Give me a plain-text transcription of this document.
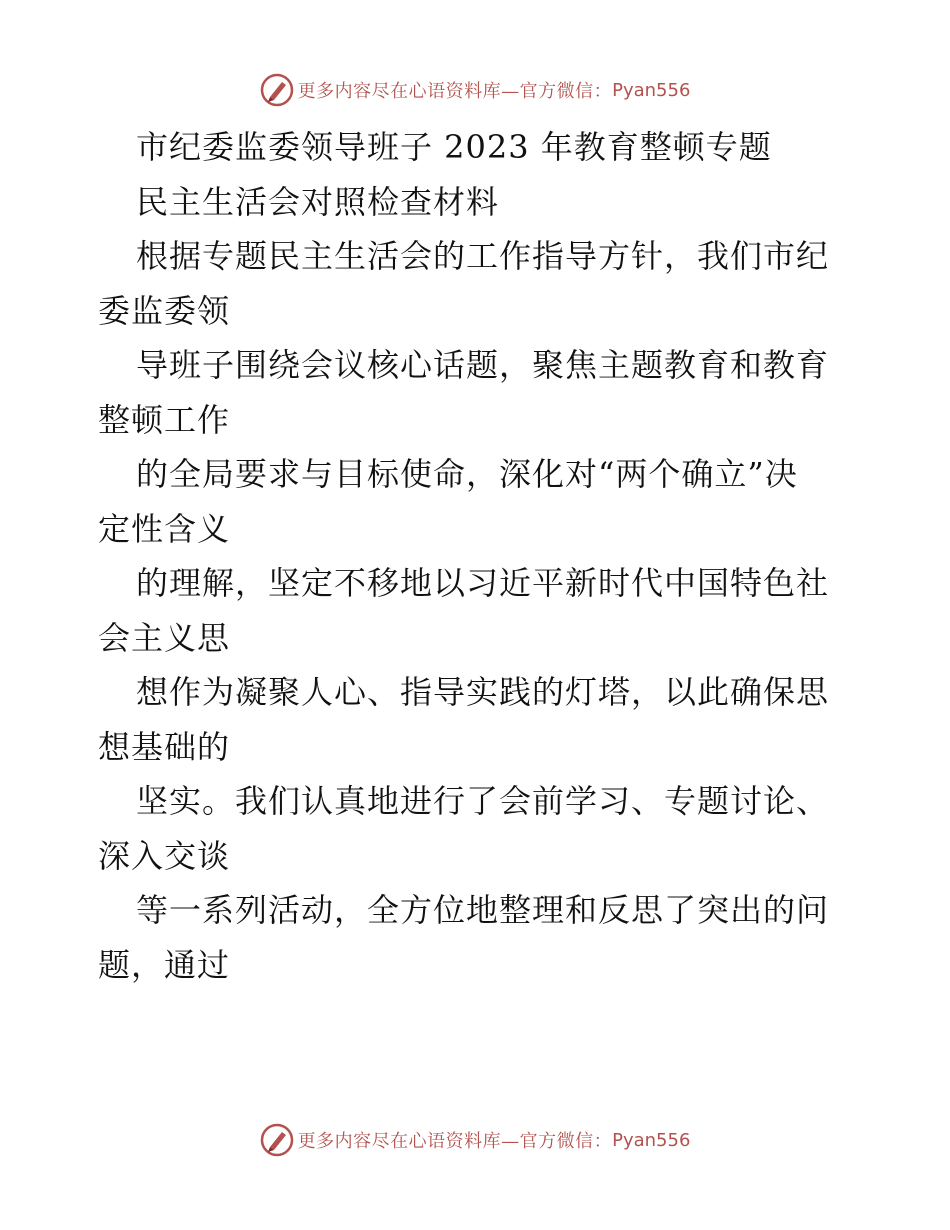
更多内容尽在心语资料库—官方微信： Pyan556
市纪委监委领导班子 2023 年教育整顿专题
民主生活会对照检查材料
根据专题民主生活会的工作指导方针，我们市纪
委监委领
导班子围绕会议核心话题，聚焦主题教育和教育
整顿工作
的全局要求与目标使命，深化对“两个确立”决
定性含义
的理解，坚定不移地以习近平新时代中国特色社
会主义思
想作为凝聚人心、指导实践的灯塔，以此确保思
想基础的
坚实。我们认真地进行了会前学习、专题讨论、
深入交谈
等一系列活动，全方位地整理和反思了突出的问
题，通过
更多内容尽在心语资料库—官方微信： Pyan556
